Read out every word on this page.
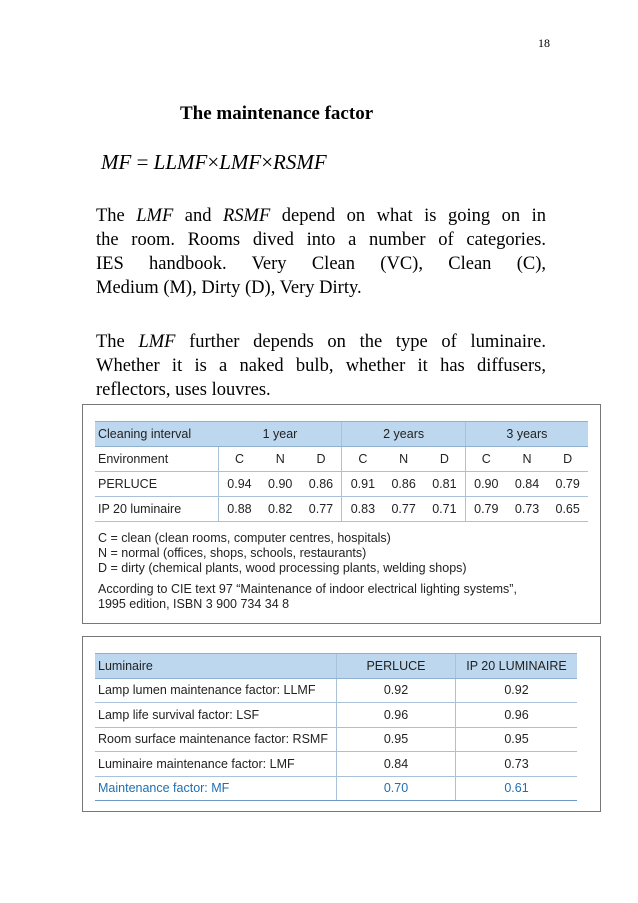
18
The maintenance factor
MF = LLMF×LMF×RSMF
The LMF and RSMF depend on what is going on in
the room. Rooms dived into a number of categories.
IES handbook. Very Clean (VC), Clean (C),
Medium (M), Dirty (D), Very Dirty.
The LMF further depends on the type of luminaire.
Whether it is a naked bulb, whether it has diffusers,
reflectors, uses louvres.
Cleaning interval	1 year			2 years			3 years		
Environment	C	N	D	C	N	D	C	N	D
PERLUCE	0.94	0.90	0.86	0.91	0.86	0.81	0.90	0.84	0.79
IP 20 luminaire	0.88	0.82	0.77	0.83	0.77	0.71	0.79	0.73	0.65
C = clean (clean rooms, computer centres, hospitals)
N = normal (offices, shops, schools, restaurants)
D = dirty (chemical plants, wood processing plants, welding shops)
According to CIE text 97 “Maintenance of indoor electrical lighting systems”,
1995 edition, ISBN 3 900 734 34 8
Luminaire	PERLUCE	IP 20 LUMINAIRE
Lamp lumen maintenance factor: LLMF	0.92	0.92
Lamp life survival factor: LSF	0.96	0.96
Room surface maintenance factor: RSMF	0.95	0.95
Luminaire maintenance factor: LMF	0.84	0.73
Maintenance factor: MF	0.70	0.61
